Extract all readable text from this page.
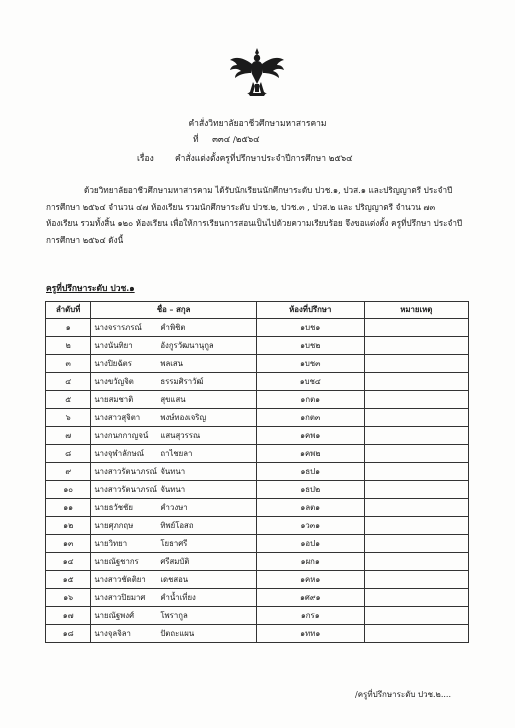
คำสั่งวิทยาลัยอาชีวศึกษามหาสารคาม
ที่ ๓๓๔ /๒๕๖๔
เรื่อง	คำสั่งแต่งตั้งครูที่ปรึกษาประจำปีการศึกษา ๒๕๖๔
ด้วยวิทยาลัยอาชีวศึกษามหาสารคาม ได้รับนักเรียนนักศึกษาระดับ ปวช.๑, ปวส.๑ และปริญญาตรี ประจำปีการศึกษา ๒๕๖๔ จำนวน ๔๗ ห้องเรียน รวมนักศึกษาระดับ ปวช.๒, ปวช.๓ , ปวส.๒ และ ปริญญาตรี จำนวน ๗๓ ห้องเรียน รวมทั้งสิ้น ๑๒๐ ห้องเรียน เพื่อให้การเรียนการสอนเป็นไปด้วยความเรียบร้อย จึงขอแต่งตั้ง ครูที่ปรึกษา ประจำปีการศึกษา ๒๕๖๔ ดังนี้
ครูที่ปรึกษาระดับ ปวช.๑
ลำดับที่	ชื่อ – สกุล	ห้องที่ปรึกษา	หมายเหตุ
๑	นางจรารภรณ์ คำพิชิต	๑บช๑	
๒	นางนันทิยา อังกูรวัฒนานุกูล	๑บช๒	
๓	นางปิยฉัตร พลเสน	๑บช๓	
๔	นางขวัญจิต ธรรมศิราวัฒ์	๑บช๔	
๕	นายสมชาติ สุขแสน	๑กต๑	
๖	นางสาวสุจิตา พงษ์ทองเจริญ	๑กต๓	
๗	นางกนกกาญจน์ แสนสุวรรณ	๑คพ๑	
๘	นางจุฬาลักษณ์ ถาไชยลา	๑คพ๒	
๙	นางสาวรัตนาภรณ์ จันทนา	๑ธป๑	
๑๐	นางสาวรัตนาภรณ์ จันทนา	๑ธป๒	
๑๑	นายธวัชชัย คำวงษา	๑ลต๑	
๑๒	นายศุภกฤษ ทิพย์โอสถ	๑ว๓๑	
๑๓	นายวิทยา โยธาศรี	๑อป๑	
๑๔	นายณัฐชากร ศรีสมบัติ	๑ผก๑	
๑๕	นางสาวชัดติยา เดชสอน	๑คห๑	
๑๖	นางสาวปิยมาศ คำน้ำเที่ยง	๑ศ๙๑	
๑๗	นายณัฐพงศ์ โพรากูล	๑กร๑	
๑๘	นางจุลจิลา ปัตถะแผน	๑ทท๑	
/ครูที่ปรึกษาระดับ ปวช.๒....
